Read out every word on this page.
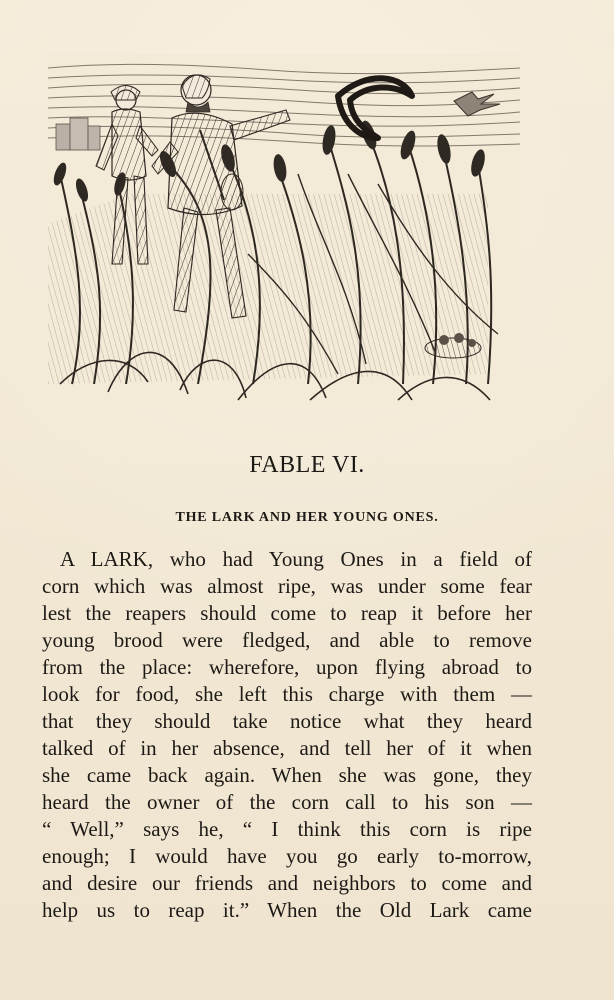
FABLE VI.
THE LARK AND HER YOUNG ONES.
A LARK, who had Young Ones in a field of
corn which was almost ripe, was under some fear
lest the reapers should come to reap it before her
young brood were fledged, and able to remove
from the place: wherefore, upon flying abroad to
look for food, she left this charge with them —
that they should take notice what they heard
talked of in her absence, and tell her of it when
she came back again. When she was gone, they
heard the owner of the corn call to his son —
“ Well,” says he, “ I think this corn is ripe
enough; I would have you go early to-morrow,
and desire our friends and neighbors to come and
help us to reap it.” When the Old Lark came
